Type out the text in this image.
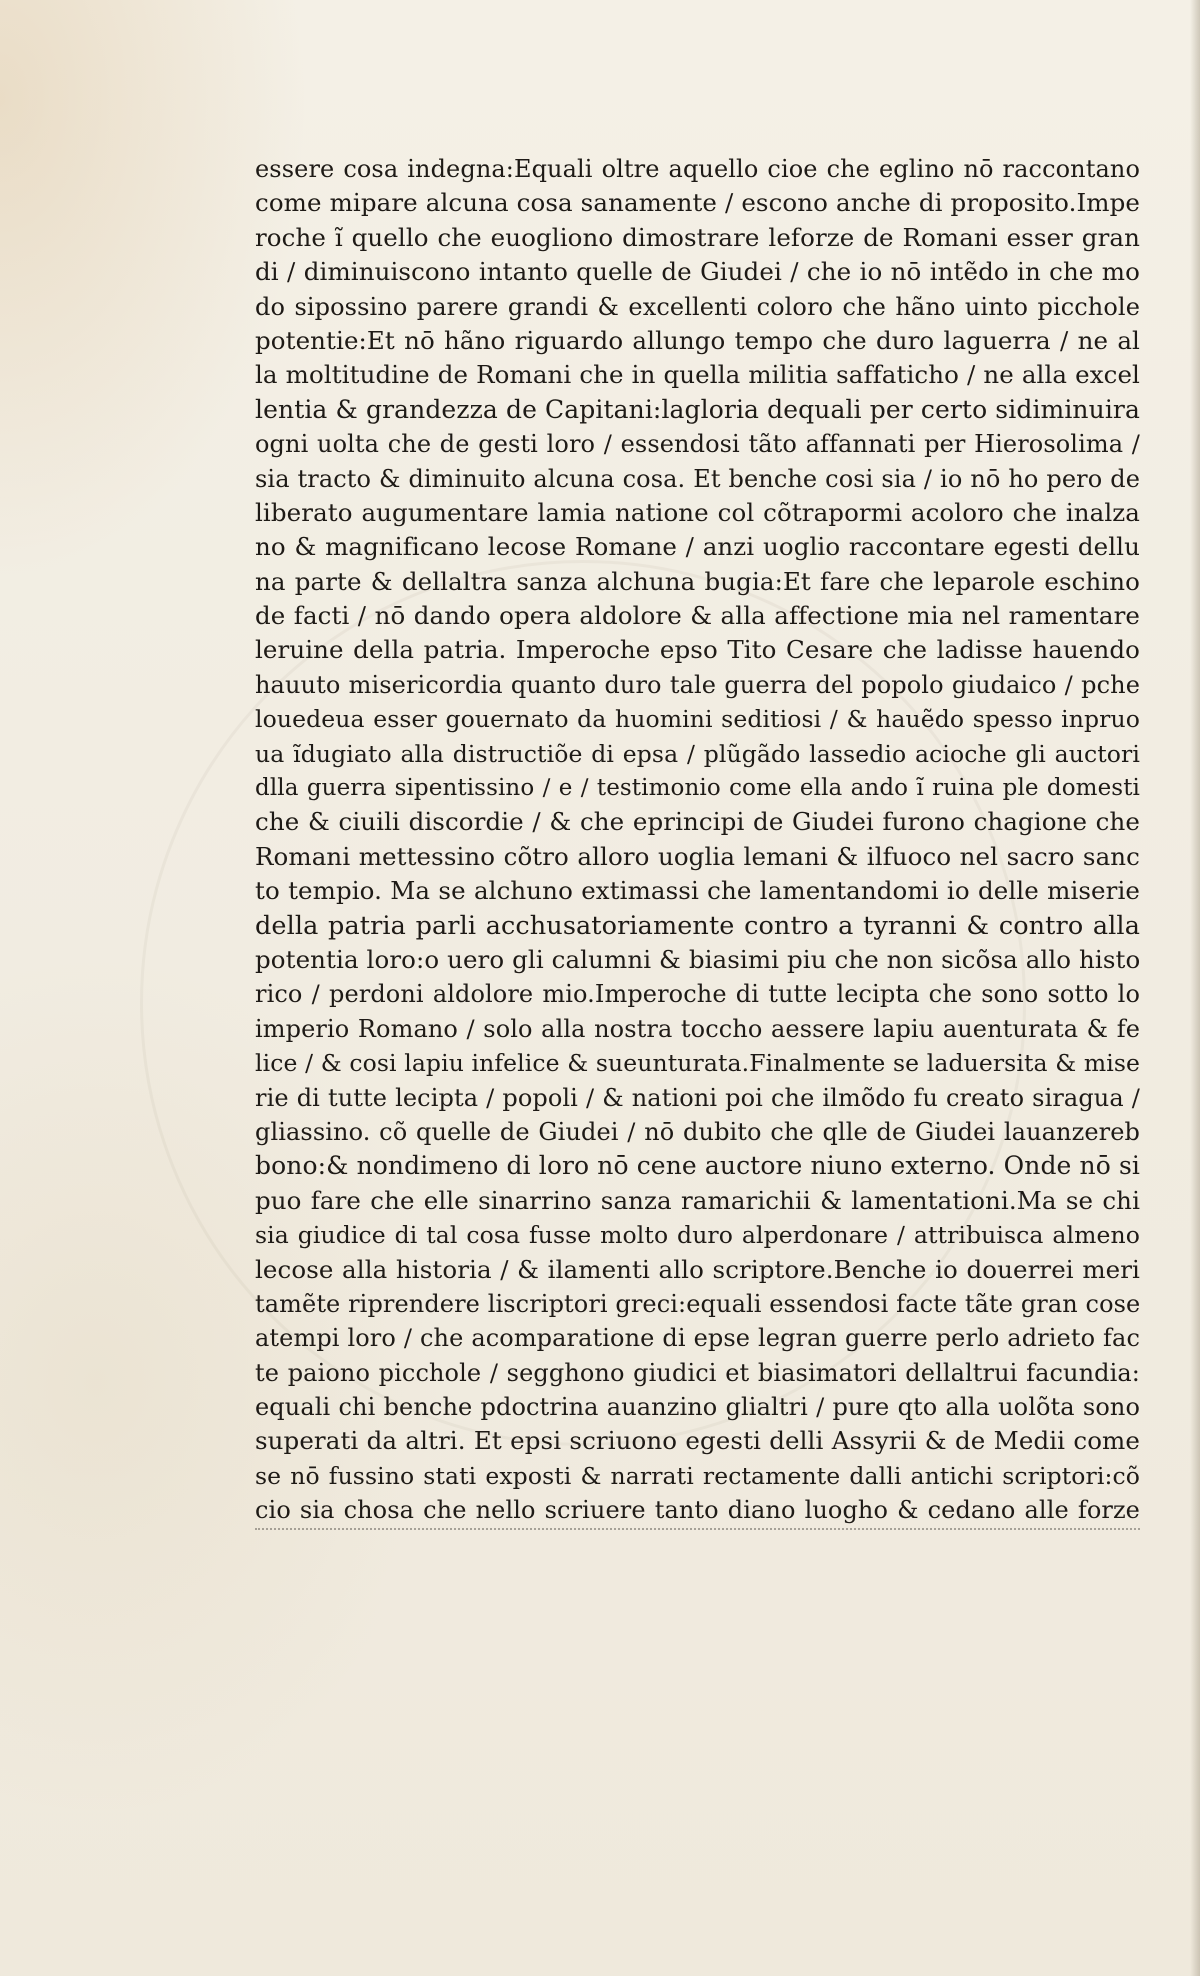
essere cosa indegna:Equali oltre aquello cioe che eglino nō raccontano
come mipare alcuna cosa sanamente ∕ escono anche di proposito.Impe
roche ĩ quello che euogliono dimostrare leforze de Romani esser gran
di ∕ diminuiscono intanto quelle de Giudei ∕ che io nō intẽdo in che mo
do sipossino parere grandi & excellenti coloro che hãno uinto picchole
potentie:Et nō hãno riguardo allungo tempo che duro laguerra ∕ ne al
la moltitudine de Romani che in quella militia saffaticho ∕ ne alla excel
lentia & grandezza de Capitani:lagloria dequali per certo sidiminuira
ogni uolta che de gesti loro ∕ essendosi tãto affannati per Hierosolima ∕
sia tracto & diminuito alcuna cosa. Et benche cosi sia ∕ io nō ho pero de
liberato augumentare lamia natione col cõtrapormi acoloro che inalza
no & magnificano lecose Romane ∕ anzi uoglio raccontare egesti dellu
na parte & dellaltra sanza alchuna bugia:Et fare che leparole eschino
de facti ∕ nō dando opera aldolore & alla affectione mia nel ramentare
leruine della patria. Imperoche epso Tito Cesare che ladisse hauendo
hauuto misericordia quanto duro tale guerra del popolo giudaico ∕ pche
louedeua esser gouernato da huomini seditiosi ∕ & hauẽdo spesso inpruo
ua ĩdugiato alla distructiõe di epsa ∕ plũgãdo lassedio acioche gli auctori
dlla guerra sipentissino ∕ e ∕ testimonio come ella ando ĩ ruina ple domesti
che & ciuili discordie ∕ & che eprincipi de Giudei furono chagione che
Romani mettessino cõtro alloro uoglia lemani & ilfuoco nel sacro sanc
to tempio. Ma se alchuno extimassi che lamentandomi io delle miserie
della patria parli acchusatoriamente contro a tyranni & contro alla
potentia loro:o uero gli calumni & biasimi piu che non sicõsa allo histo
rico ∕ perdoni aldolore mio.Imperoche di tutte lecipta che sono sotto lo
imperio Romano ∕ solo alla nostra toccho aessere lapiu auenturata & fe
lice ∕ & cosi lapiu infelice & sueunturata.Finalmente se laduersita & mise
rie di tutte lecipta ∕ popoli ∕ & nationi poi che ilmõdo fu creato siragua ∕
gliassino. cõ quelle de Giudei ∕ nō dubito che qlle de Giudei lauanzereb
bono:& nondimeno di loro nō cene auctore niuno externo. Onde nō si
puo fare che elle sinarrino sanza ramarichii & lamentationi.Ma se chi
sia giudice di tal cosa fusse molto duro alperdonare ∕ attribuisca almeno
lecose alla historia ∕ & ilamenti allo scriptore.Benche io douerrei meri
tamẽte riprendere liscriptori greci:equali essendosi facte tãte gran cose
atempi loro ∕ che acomparatione di epse legran guerre perlo adrieto fac
te paiono picchole ∕ segghono giudici et biasimatori dellaltrui facundia:
equali chi benche pdoctrina auanzino glialtri ∕ pure qto alla uolõta sono
superati da altri. Et epsi scriuono egesti delli Assyrii & de Medii come
se nō fussino stati exposti & narrati rectamente dalli antichi scriptori:cõ
cio sia chosa che nello scriuere tanto diano luogho & cedano alle forze
